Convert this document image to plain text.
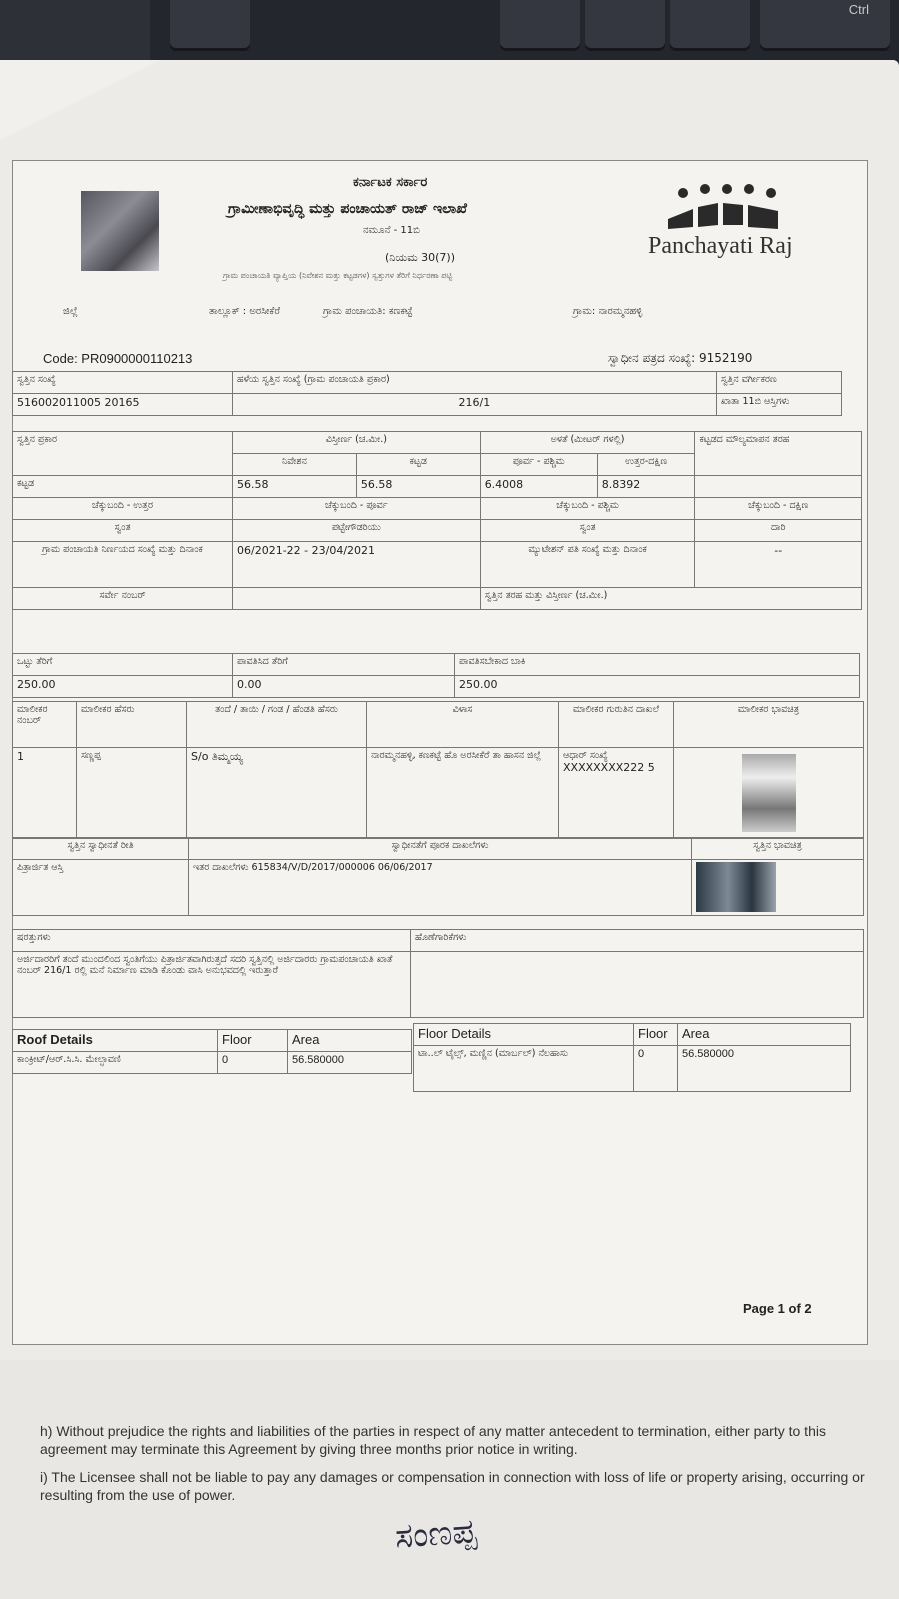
Ctrl

h) Without prejudice the rights and liabilities of the parties in respect of any matter antecedent to termination, either party to this agreement may terminate this Agreement by giving three months prior notice in writing.

i) The Licensee shall not be liable to pay any damages or compensation in connection with loss of life or property arising, occurring or resulting from the use of power.

ಸಂಣಪ್ಪ
ಕರ್ನಾಟಕ ಸರ್ಕಾರ
ಗ್ರಾಮೀಣಾಭಿವೃದ್ಧಿ ಮತ್ತು ಪಂಚಾಯತ್ ರಾಜ್ ಇಲಾಖೆ
ನಮೂನೆ - 11ಬಿ
(ನಿಯಮ 30(7))
ಗ್ರಾಮ ಪಂಚಾಯತಿ ವ್ಯಾಪ್ತಿಯ (ನಿವೇಶನ ಮತ್ತು ಕಟ್ಟಡಗಳ) ಸ್ವತ್ತುಗಳ ತೆರಿಗೆ ನಿರ್ಧರಣಾ ಪಟ್ಟಿ
Panchayati Raj
ಜಿಲ್ಲೆ	ತಾಲ್ಲೂಕ್ : ಅರಸೀಕೆರೆ	ಗ್ರಾಮ ಪಂಚಾಯತಿ: ಕಣಕಟ್ಟೆ	ಗ್ರಾಮ: ನಾರಮ್ಮನಹಳ್ಳಿ
Code: PR0900000110213	ಸ್ವಾಧೀನ ಪತ್ರದ ಸಂಖ್ಯೆ: 9152190
ಸ್ವತ್ತಿನ ಸಂಖ್ಯೆ	ಹಳೆಯ ಸ್ವತ್ತಿನ ಸಂಖ್ಯೆ (ಗ್ರಾಮ ಪಂಚಾಯತಿ ಪ್ರಕಾರ)	ಸ್ವತ್ತಿನ ವರ್ಗೀಕರಣ
516002011005 20165	216/1	ಖಾತಾ 11ಬಿ ಆಸ್ತಿಗಳು
ಸ್ವತ್ತಿನ ಪ್ರಕಾರ	ವಿಸ್ತೀರ್ಣ (ಚ.ಮೀ.)		ಅಳತೆ (ಮೀಟರ್ ಗಳಲ್ಲಿ)		ಕಟ್ಟಡದ ಮೌಲ್ಯಮಾಪನ ತರಹ
	ನಿವೇಶನ	ಕಟ್ಟಡ	ಪೂರ್ವ - ಪಶ್ಚಿಮ	ಉತ್ತರ-ದಕ್ಷಿಣ	
ಕಟ್ಟಡ	56.58	56.58	6.4008	8.8392	
ಚೆಕ್ಕುಬಂದಿ - ಉತ್ತರ	ಚೆಕ್ಕುಬಂದಿ - ಪೂರ್ವ		ಚೆಕ್ಕುಬಂದಿ - ಪಶ್ಚಿಮ		ಚೆಕ್ಕುಬಂದಿ - ದಕ್ಷಿಣ
ಸ್ವಂತ	ಪಟ್ಟೇಗೌಡರಿಯು		ಸ್ವಂತ		ದಾರಿ
ಗ್ರಾಮ ಪಂಚಾಯತಿ ನಿರ್ಣಯದ ಸಂಖ್ಯೆ ಮತ್ತು ದಿನಾಂಕ	06/2021-22 - 23/04/2021		ಮ್ಯುಟೇಶನ್ ಪತಿ ಸಂಖ್ಯೆ ಮತ್ತು ದಿನಾಂಕ		--
ಸರ್ವೇ ನಂಬರ್			ಸ್ವತ್ತಿನ ತರಹ ಮತ್ತು ವಿಸ್ತೀರ್ಣ (ಚ.ಮೀ.)		
ಒಟ್ಟು ತೆರಿಗೆ	ಪಾವತಿಸಿದ ತೆರಿಗೆ	ಪಾವತಿಸಬೇಕಾದ ಬಾಕಿ
250.00	0.00	250.00
ಮಾಲೀಕರ ನಂಬರ್	ಮಾಲೀಕರ ಹೆಸರು	ತಂದೆ / ತಾಯಿ / ಗಂಡ / ಹೆಂಡತಿ ಹೆಸರು	ವಿಳಾಸ	ಮಾಲೀಕರ ಗುರುತಿನ ದಾಖಲೆ	ಮಾಲೀಕರ ಭಾವಚಿತ್ರ
1	ಸಣ್ಣಪ್ಪ	S/o ತಿಮ್ಮಯ್ಯ	ನಾರಮ್ಮನಹಳ್ಳಿ, ಕಣಕಟ್ಟೆ ಹೊ ಅರಸೀಕೆರೆ ತಾ ಹಾಸನ ಜಿಲ್ಲೆ	ಆಧಾರ್ ಸಂಖ್ಯೆ
XXXXXXXX222 5	

ಸ್ವತ್ತಿನ ಸ್ವಾಧೀನತೆ ರೀತಿ	ಸ್ವಾಧೀನತೆಗೆ ಪೂರಕ ದಾಖಲೆಗಳು	ಸ್ವತ್ತಿನ ಭಾವಚಿತ್ರ
ಪಿತ್ರಾರ್ಜಿತ ಆಸ್ತಿ	ಇತರ ದಾಖಲೆಗಳು 615834/V/D/2017/000006 06/06/2017	
ಷರತ್ತುಗಳು	ಹೊಣೆಗಾರಿಕೆಗಳು
ಅರ್ಜಿದಾರರಿಗೆ ತಂದೆ ಮುಂದಲಿಂದ ಸ್ವಂತಿಗೆಯು ಪಿತ್ರಾರ್ಜಿತವಾಗಿರುತ್ತದೆ ಸದರಿ ಸ್ವತ್ತಿನಲ್ಲಿ ಅರ್ಜಿದಾರರು ಗ್ರಾಮಪಂಚಾಯತಿ ಖಾತೆ ನಂಬರ್ 216/1 ರಲ್ಲಿ ಮನೆ ನಿರ್ಮಾಣ ಮಾಡಿ ಕೊಂಡು ವಾಸಿ ಅನುಭವದಲ್ಲಿ ಇರುತ್ತಾರೆ	
Roof Details	Floor	Area
ಕಾಂಕ್ರೀಟ್/ಆರ್.ಸಿ.ಸಿ. ಮೇಲ್ಛಾವಣಿ	0	56.580000
Floor Details	Floor	Area
ಟಾ..ಲ್ ಟೈಲ್ಸ್, ಮಣ್ಣಿನ (ಮಾರ್ಬಲ್) ನೆಲಹಾಸು	0	56.580000
Page 1 of 2
